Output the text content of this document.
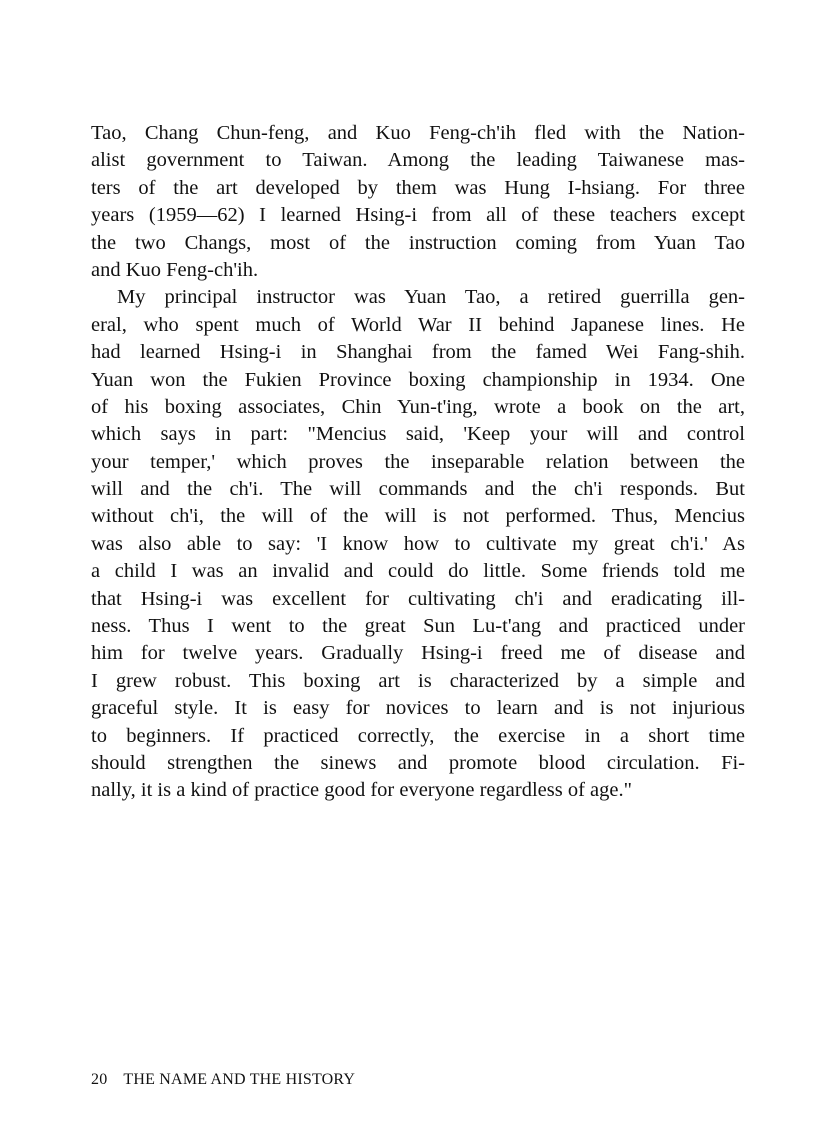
Tao, Chang Chun-feng, and Kuo Feng-ch'ih fled with the Nation-
alist government to Taiwan. Among the leading Taiwanese mas-
ters of the art developed by them was Hung I-hsiang. For three
years (1959—62) I learned Hsing-i from all of these teachers except
the two Changs, most of the instruction coming from Yuan Tao
and Kuo Feng-ch'ih.
My principal instructor was Yuan Tao, a retired guerrilla gen-
eral, who spent much of World War II behind Japanese lines. He
had learned Hsing-i in Shanghai from the famed Wei Fang-shih.
Yuan won the Fukien Province boxing championship in 1934. One
of his boxing associates, Chin Yun-t'ing, wrote a book on the art,
which says in part: "Mencius said, 'Keep your will and control
your temper,' which proves the inseparable relation between the
will and the ch'i. The will commands and the ch'i responds. But
without ch'i, the will of the will is not performed. Thus, Mencius
was also able to say: 'I know how to cultivate my great ch'i.' As
a child I was an invalid and could do little. Some friends told me
that Hsing-i was excellent for cultivating ch'i and eradicating ill-
ness. Thus I went to the great Sun Lu-t'ang and practiced under
him for twelve years. Gradually Hsing-i freed me of disease and
I grew robust. This boxing art is characterized by a simple and
graceful style. It is easy for novices to learn and is not injurious
to beginners. If practiced correctly, the exercise in a short time
should strengthen the sinews and promote blood circulation. Fi-
nally, it is a kind of practice good for everyone regardless of age."
20 THE NAME AND THE HISTORY
